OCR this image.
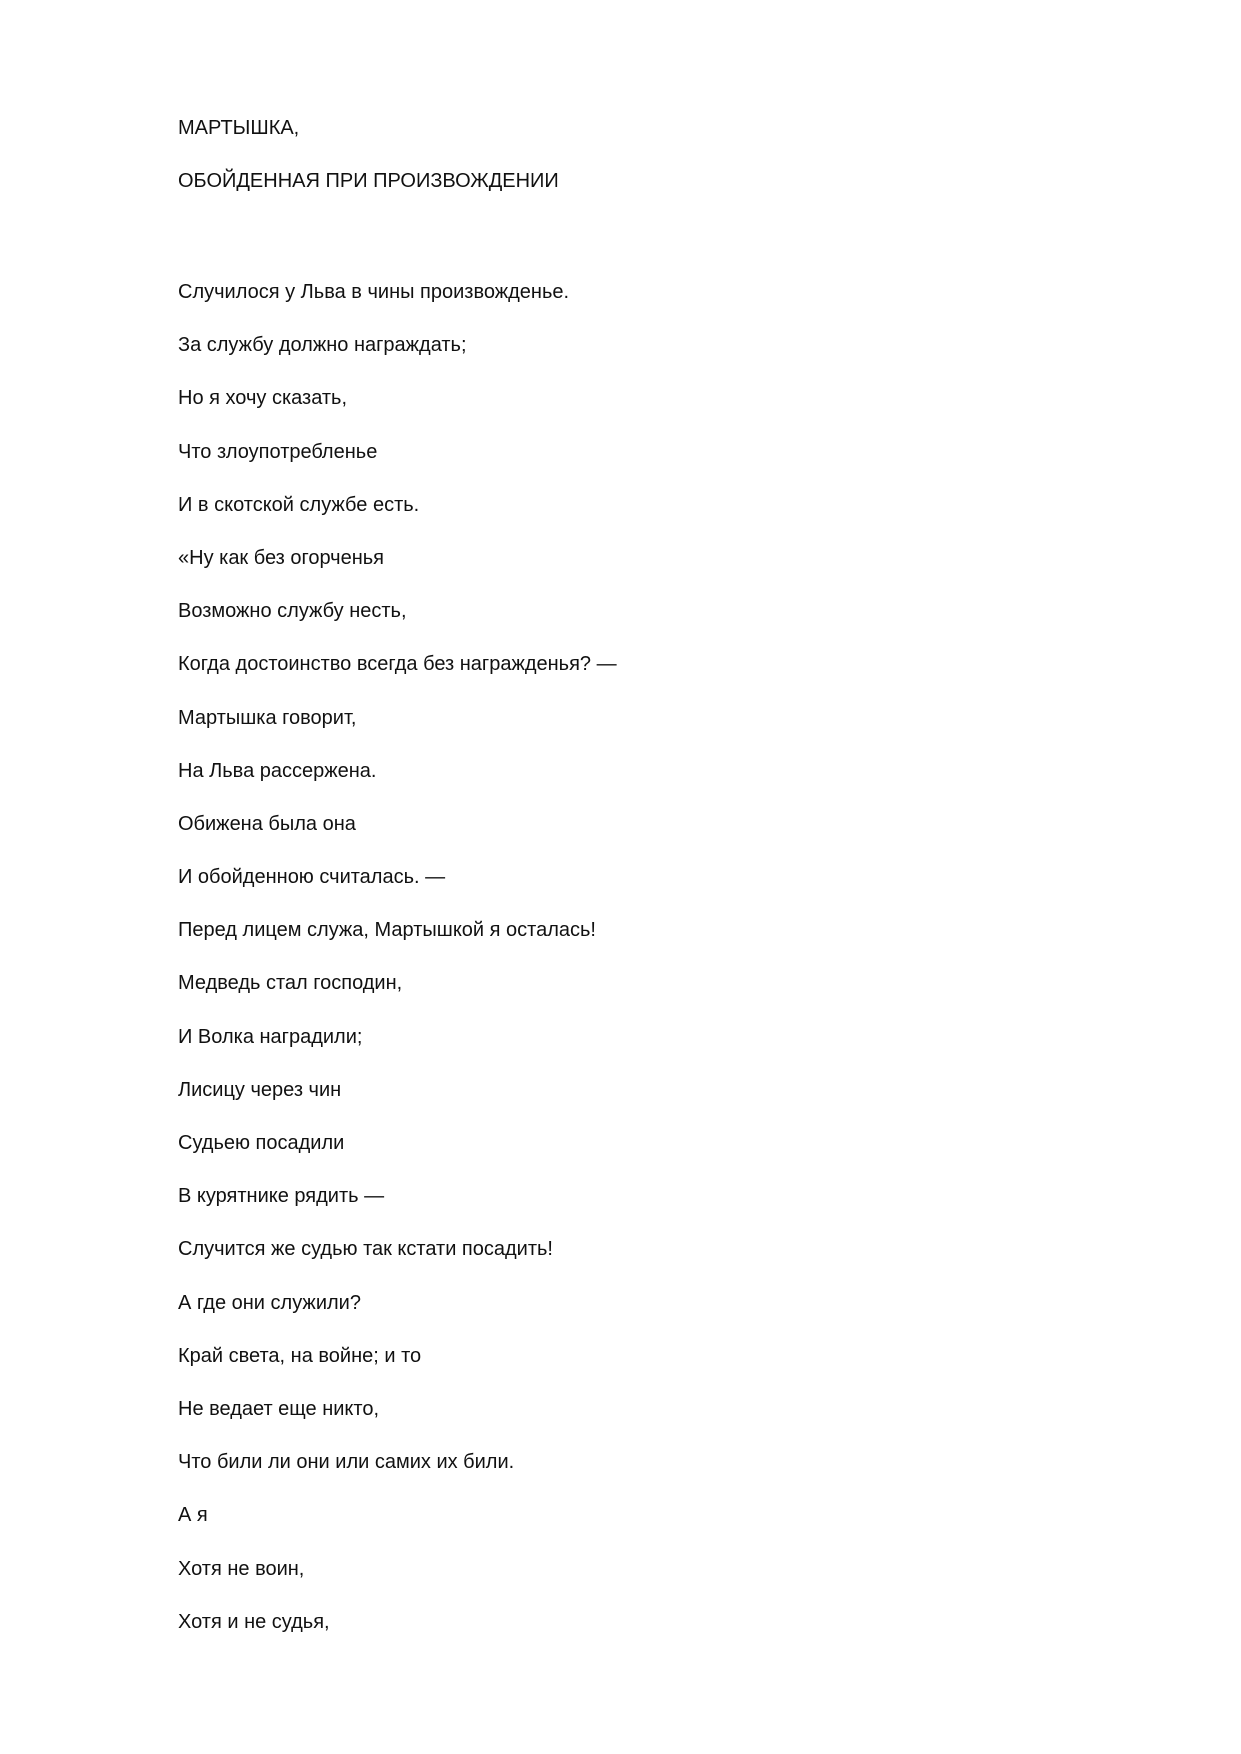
МАРТЫШКА,
ОБОЙДЕННАЯ ПРИ ПРОИЗВОЖДЕНИИ
Случилося у Льва в чины произвожденье.
За службу должно награждать;
Но я хочу сказать,
Что злоупотребленье
И в скотской службе есть.
«Ну как без огорченья
Возможно службу несть,
Когда достоинство всегда без награжденья? —
Мартышка говорит,
На Льва рассержена.
Обижена была она
И обойденною считалась. —
Перед лицем служа, Мартышкой я осталась!
Медведь стал господин,
И Волка наградили;
Лисицу через чин
Судьею посадили
В курятнике рядить —
Случится же судью так кстати посадить!
А где они служили?
Край света, на войне; и то
Не ведает еще никто,
Что били ли они или самих их били.
А я
Хотя не воин,
Хотя и не судья,
